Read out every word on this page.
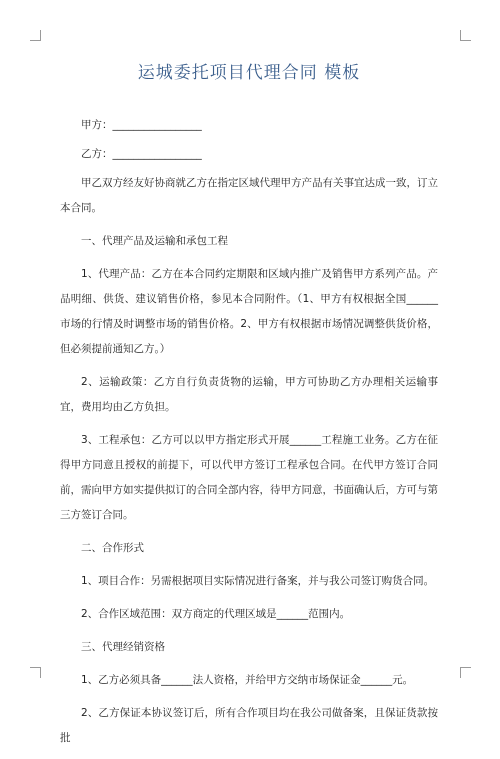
运城委托项目代理合同 模板

甲方：_________________

乙方：_________________

甲乙双方经友好协商就乙方在指定区域代理甲方产品有关事宜达成一致，订立本合同。

一、代理产品及运输和承包工程

1、代理产品：乙方在本合同约定期限和区域内推广及销售甲方系列产品。产品明细、供货、建议销售价格，参见本合同附件。（1、甲方有权根据全国______市场的行情及时调整市场的销售价格。2、甲方有权根据市场情况调整供货价格，但必须提前通知乙方。）

2、运输政策：乙方自行负责货物的运输，甲方可协助乙方办理相关运输事宜，费用均由乙方负担。

3、工程承包：乙方可以以甲方指定形式开展______工程施工业务。乙方在征得甲方同意且授权的前提下，可以代甲方签订工程承包合同。在代甲方签订合同前，需向甲方如实提供拟订的合同全部内容，待甲方同意，书面确认后，方可与第三方签订合同。

二、合作形式

1、项目合作：另需根据项目实际情况进行备案，并与我公司签订购货合同。

2、合作区域范围：双方商定的代理区域是______范围内。

三、代理经销资格

1、乙方必须具备______法人资格，并给甲方交纳市场保证金______元。

2、乙方保证本协议签订后，所有合作项目均在我公司做备案，且保证货款按批
